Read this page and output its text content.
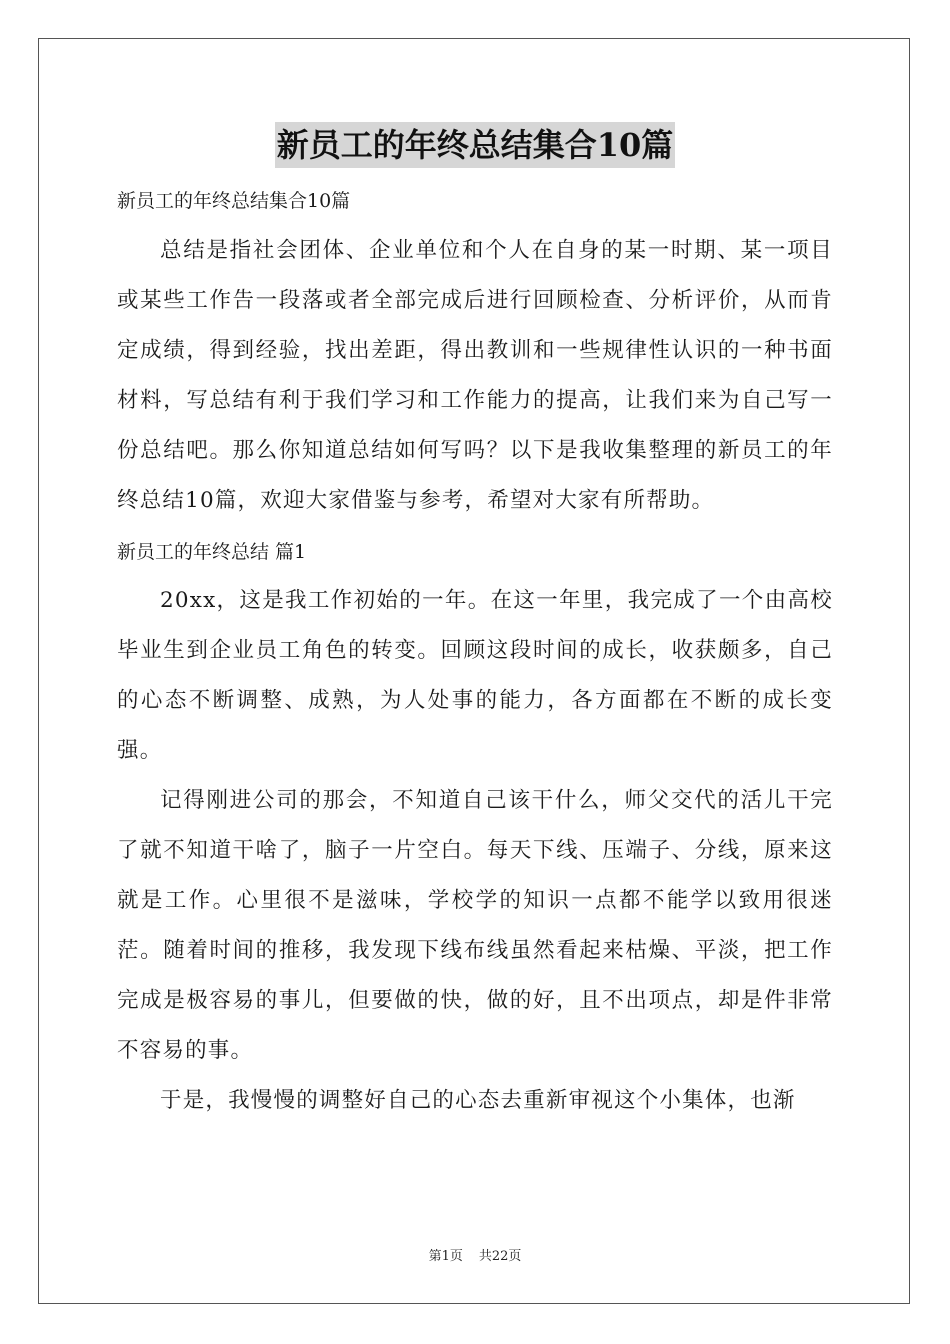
新员工的年终总结集合10篇
新员工的年终总结集合10篇

总结是指社会团体、企业单位和个人在自身的某一时期、某一项目或某些工作告一段落或者全部完成后进行回顾检查、分析评价，从而肯定成绩，得到经验，找出差距，得出教训和一些规律性认识的一种书面材料，写总结有利于我们学习和工作能力的提高，让我们来为自己写一份总结吧。那么你知道总结如何写吗？以下是我收集整理的新员工的年终总结10篇，欢迎大家借鉴与参考，希望对大家有所帮助。

新员工的年终总结 篇1

20xx，这是我工作初始的一年。在这一年里，我完成了一个由高校毕业生到企业员工角色的转变。回顾这段时间的成长，收获颇多，自己的心态不断调整、成熟，为人处事的能力，各方面都在不断的成长变强。

记得刚进公司的那会，不知道自己该干什么，师父交代的活儿干完了就不知道干啥了，脑子一片空白。每天下线、压端子、分线，原来这就是工作。心里很不是滋味，学校学的知识一点都不能学以致用很迷茫。随着时间的推移，我发现下线布线虽然看起来枯燥、平淡，把工作完成是极容易的事儿，但要做的快，做的好，且不出项点，却是件非常不容易的事。

于是，我慢慢的调整好自己的心态去重新审视这个小集体，也渐

第1页 共22页
